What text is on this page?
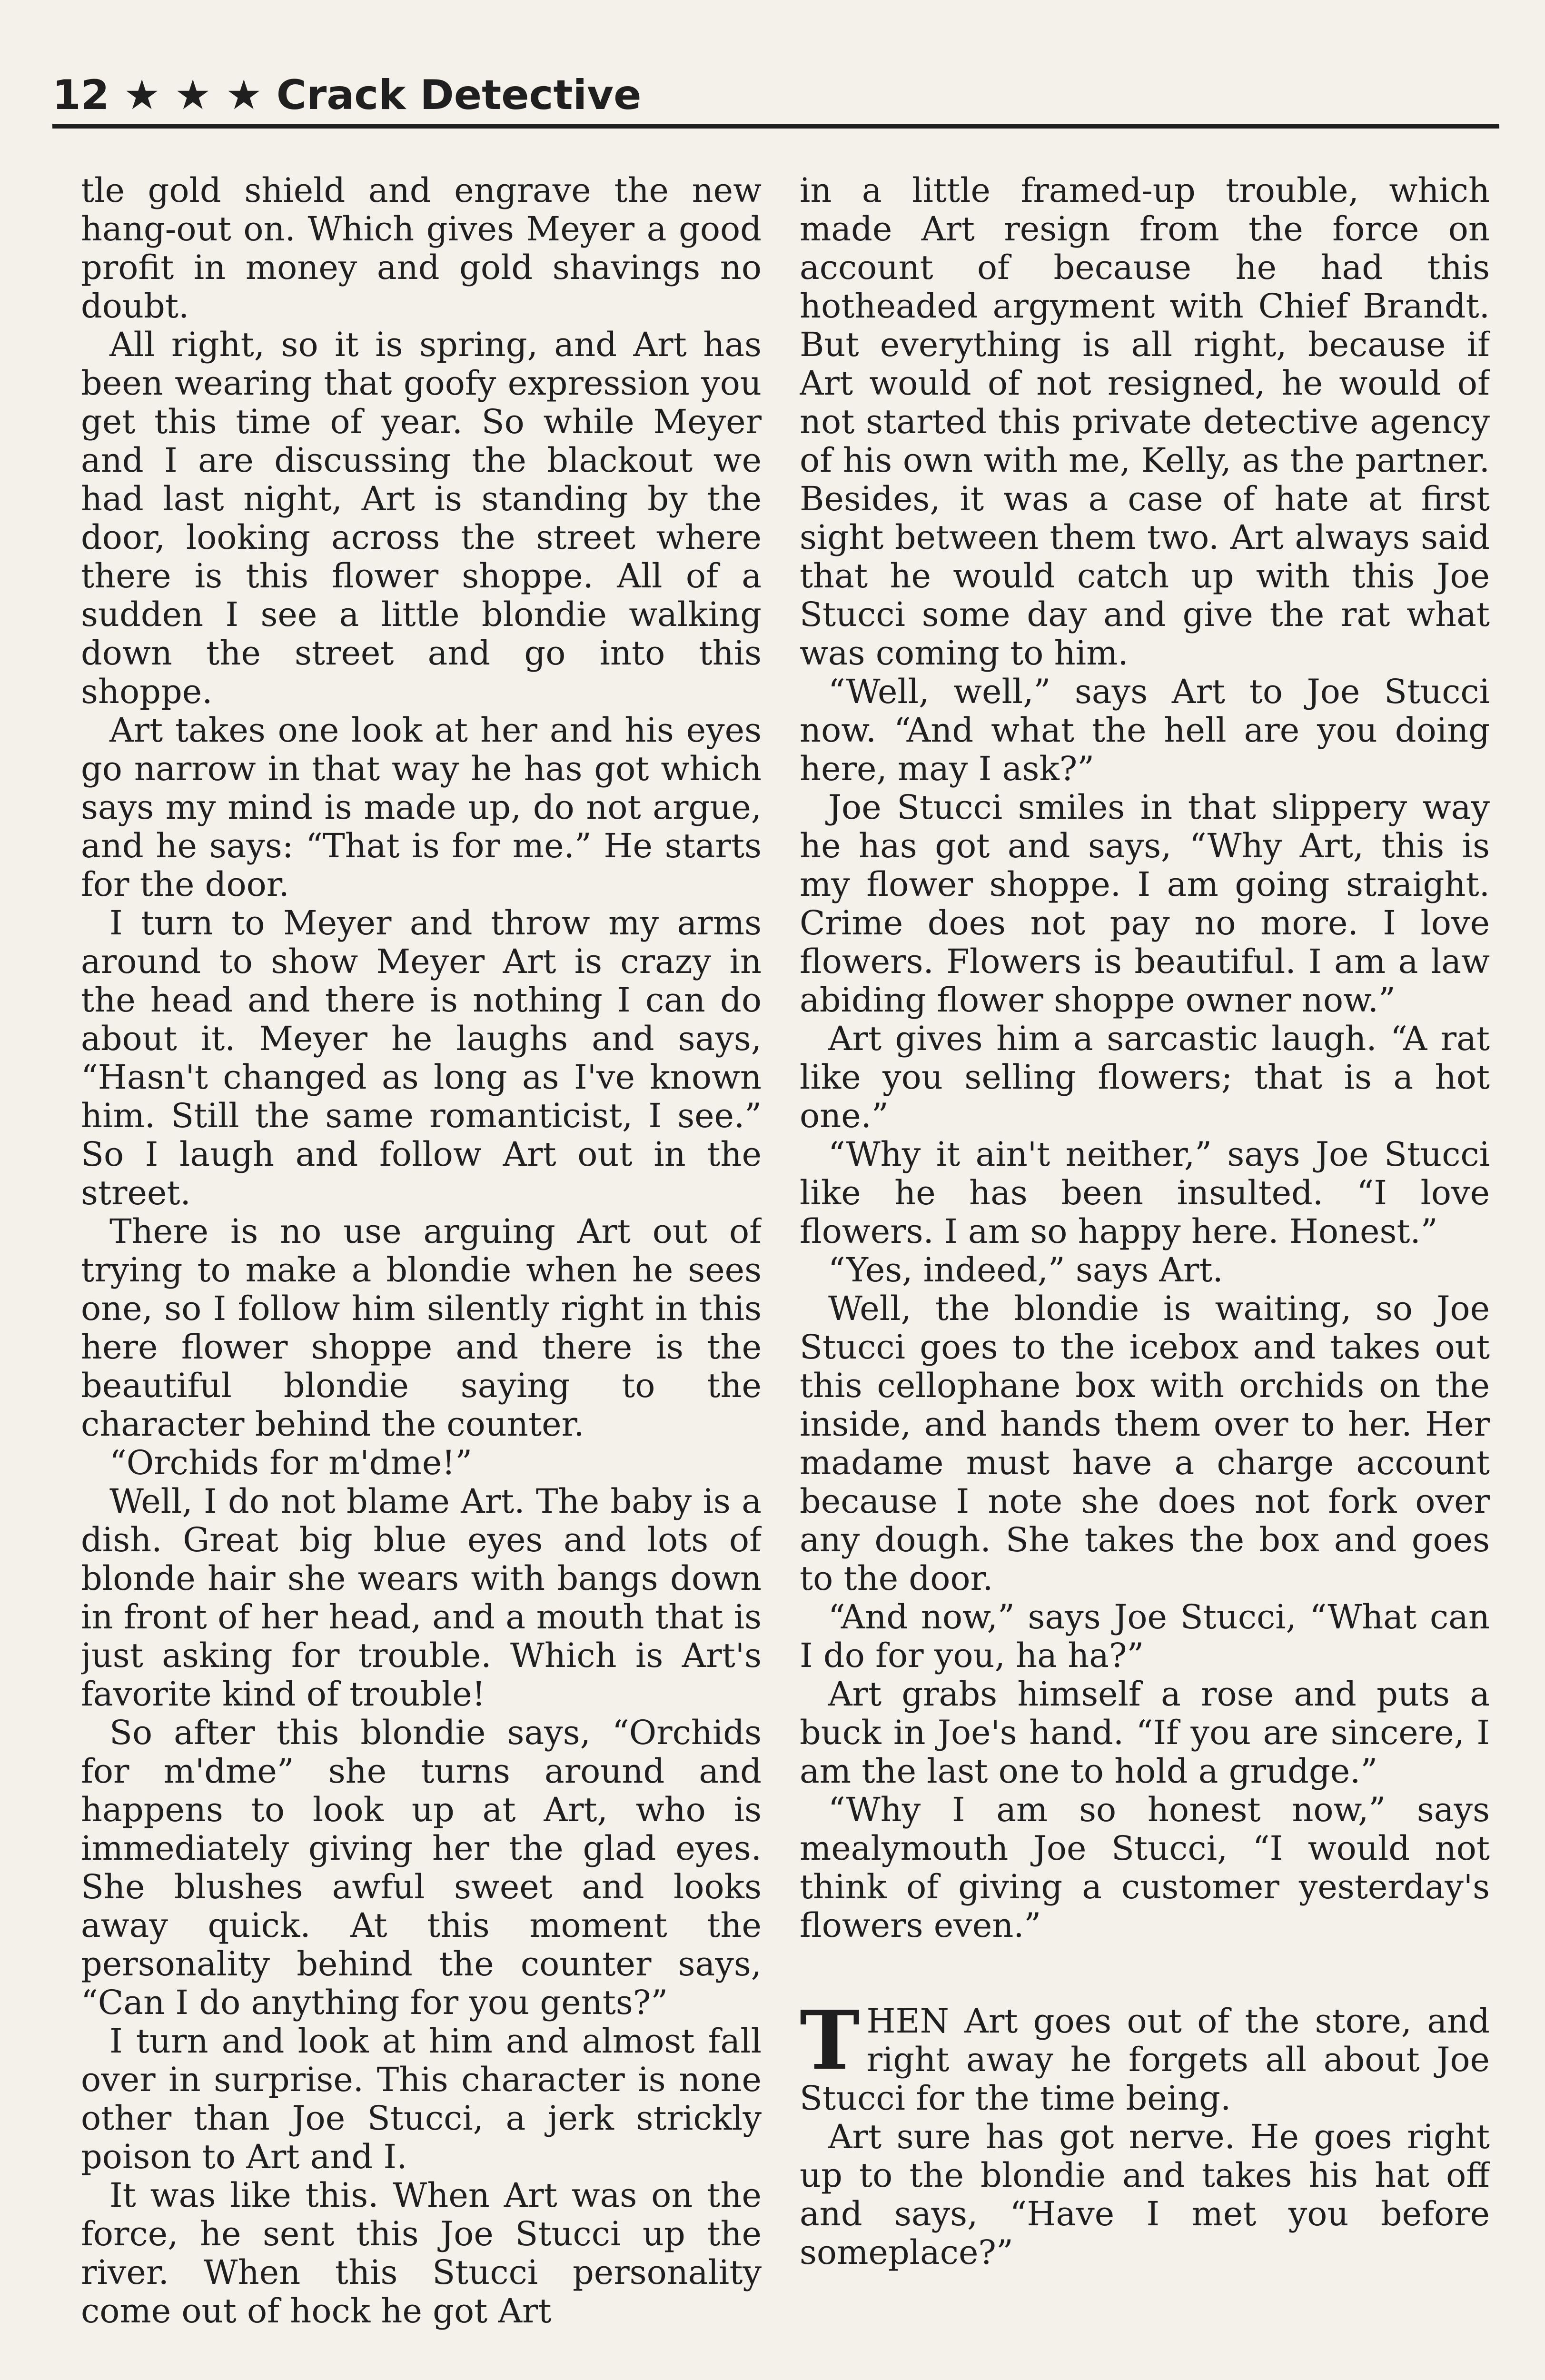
12 ★ ★ ★ Crack Detective

tle gold shield and engrave the new hang-out on. Which gives Meyer a good profit in money and gold shavings no doubt.

All right, so it is spring, and Art has been wearing that goofy expression you get this time of year. So while Meyer and I are discussing the blackout we had last night, Art is standing by the door, looking across the street where there is this flower shoppe. All of a sudden I see a little blondie walking down the street and go into this shoppe.

Art takes one look at her and his eyes go narrow in that way he has got which says my mind is made up, do not argue, and he says: “That is for me.” He starts for the door.

I turn to Meyer and throw my arms around to show Meyer Art is crazy in the head and there is nothing I can do about it. Meyer he laughs and says, “Hasn't changed as long as I've known him. Still the same romanticist, I see.” So I laugh and follow Art out in the street.

There is no use arguing Art out of trying to make a blondie when he sees one, so I follow him silently right in this here flower shoppe and there is the beautiful blondie saying to the character behind the counter.

“Orchids for m'dme!”

Well, I do not blame Art. The baby is a dish. Great big blue eyes and lots of blonde hair she wears with bangs down in front of her head, and a mouth that is just asking for trouble. Which is Art's favorite kind of trouble!

So after this blondie says, “Orchids for m'dme” she turns around and happens to look up at Art, who is immediately giving her the glad eyes. She blushes awful sweet and looks away quick. At this moment the personality behind the counter says, “Can I do anything for you gents?”

I turn and look at him and almost fall over in surprise. This character is none other than Joe Stucci, a jerk strickly poison to Art and I.

It was like this. When Art was on the force, he sent this Joe Stucci up the river. When this Stucci personality come out of hock he got Art

in a little framed-up trouble, which made Art resign from the force on account of because he had this hotheaded argyment with Chief Brandt. But everything is all right, because if Art would of not resigned, he would of not started this private detective agency of his own with me, Kelly, as the partner. Besides, it was a case of hate at first sight between them two. Art always said that he would catch up with this Joe Stucci some day and give the rat what was coming to him.

“Well, well,” says Art to Joe Stucci now. “And what the hell are you doing here, may I ask?”

Joe Stucci smiles in that slippery way he has got and says, “Why Art, this is my flower shoppe. I am going straight. Crime does not pay no more. I love flowers. Flowers is beautiful. I am a law abiding flower shoppe owner now.”

Art gives him a sarcastic laugh. “A rat like you selling flowers; that is a hot one.”

“Why it ain't neither,” says Joe Stucci like he has been insulted. “I love flowers. I am so happy here. Honest.”

“Yes, indeed,” says Art.

Well, the blondie is waiting, so Joe Stucci goes to the icebox and takes out this cellophane box with orchids on the inside, and hands them over to her. Her madame must have a charge account because I note she does not fork over any dough. She takes the box and goes to the door.

“And now,” says Joe Stucci, “What can I do for you, ha ha?”

Art grabs himself a rose and puts a buck in Joe's hand. “If you are sincere, I am the last one to hold a grudge.”

“Why I am so honest now,” says mealymouth Joe Stucci, “I would not think of giving a customer yesterday's flowers even.”

T HEN Art goes out of the store, and right away he forgets all about Joe Stucci for the time being.

Art sure has got nerve. He goes right up to the blondie and takes his hat off and says, “Have I met you before someplace?”
